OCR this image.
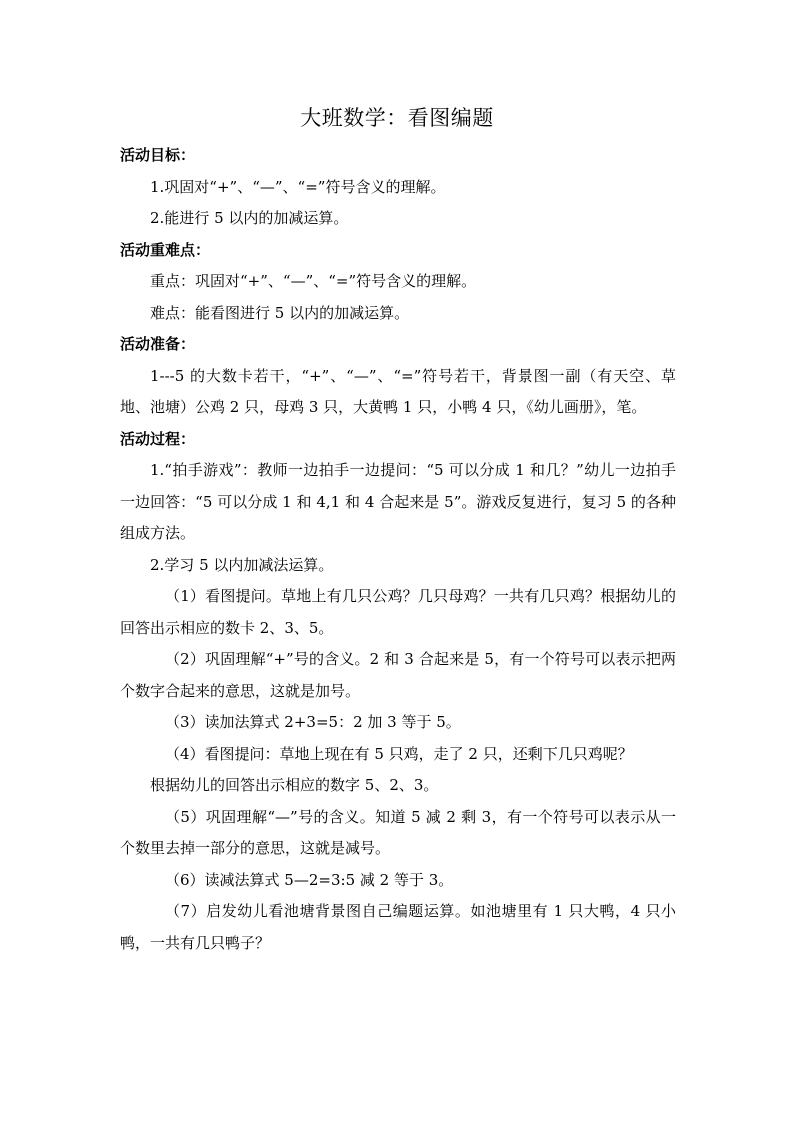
大班数学：看图编题

活动目标：

1.巩固对“+”、“—”、“=”符号含义的理解。

2.能进行 5 以内的加减运算。

活动重难点：

重点：巩固对“+”、“—”、“=”符号含义的理解。

难点：能看图进行 5 以内的加减运算。

活动准备：

1---5 的大数卡若干，“+”、“—”、“=”符号若干，背景图一副（有天空、草地、池塘）公鸡 2 只，母鸡 3 只，大黄鸭 1 只，小鸭 4 只，《幼儿画册》，笔。

活动过程：

1.“拍手游戏”：教师一边拍手一边提问：“5 可以分成 1 和几？”幼儿一边拍手一边回答：“5 可以分成 1 和 4,1 和 4 合起来是 5”。游戏反复进行，复习 5 的各种组成方法。

2.学习 5 以内加减法运算。

（1）看图提问。草地上有几只公鸡？几只母鸡？一共有几只鸡？根据幼儿的回答出示相应的数卡 2、3、5。

（2）巩固理解“+”号的含义。2 和 3 合起来是 5，有一个符号可以表示把两个数字合起来的意思，这就是加号。

（3）读加法算式 2+3=5：2 加 3 等于 5。

（4）看图提问：草地上现在有 5 只鸡，走了 2 只，还剩下几只鸡呢？

根据幼儿的回答出示相应的数字 5、2、3。

（5）巩固理解“—”号的含义。知道 5 减 2 剩 3，有一个符号可以表示从一个数里去掉一部分的意思，这就是减号。

（6）读减法算式 5—2=3:5 减 2 等于 3。

（7）启发幼儿看池塘背景图自己编题运算。如池塘里有 1 只大鸭，4 只小鸭，一共有几只鸭子？
